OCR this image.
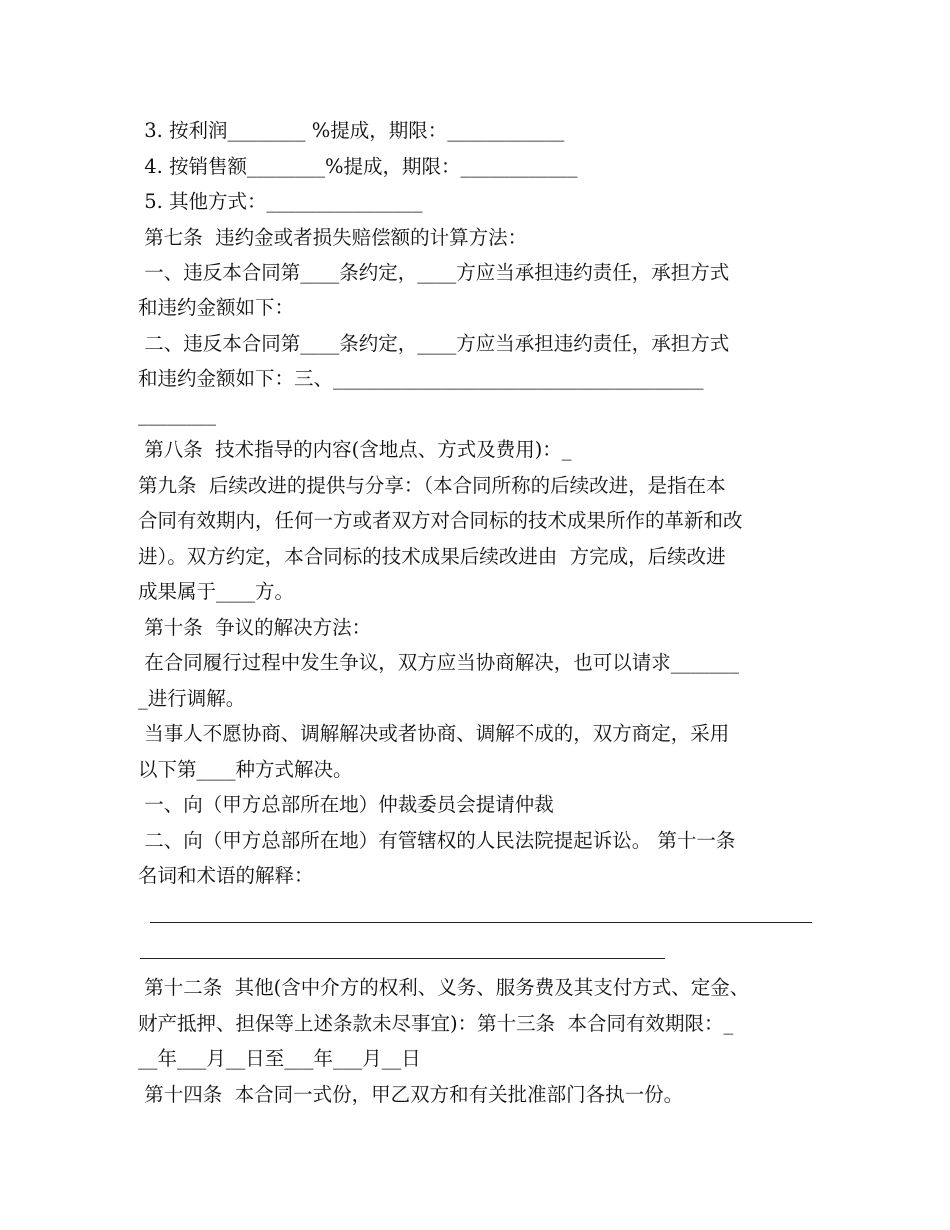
3. 按利润________ %提成，期限：____________
4. 按销售额________%提成，期限：____________
5. 其他方式：________________
第七条  违约金或者损失赔偿额的计算方法：
一、违反本合同第____条约定，____方应当承担违约责任，承担方式
和违约金额如下：
二、违反本合同第____条约定，____方应当承担违约责任，承担方式
和违约金额如下：三、______________________________________
________
第八条  技术指导的内容(含地点、方式及费用)：_
第九条  后续改进的提供与分享：（本合同所称的后续改进，是指在本
合同有效期内，任何一方或者双方对合同标的技术成果所作的革新和改
进）。双方约定，本合同标的技术成果后续改进由  方完成，后续改进
成果属于____方。
第十条  争议的解决方法：
在合同履行过程中发生争议，双方应当协商解决，也可以请求_______
_进行调解。
当事人不愿协商、调解解决或者协商、调解不成的，双方商定，采用
以下第____种方式解决。
一、向（甲方总部所在地）仲裁委员会提请仲裁
二、向（甲方总部所在地）有管辖权的人民法院提起诉讼。 第十一条
名词和术语的解释：
第十二条  其他(含中介方的权利、义务、服务费及其支付方式、定金、
财产抵押、担保等上述条款未尽事宜)：第十三条  本合同有效期限：_
__年___月__日至___年___月__日
第十四条  本合同一式份，甲乙双方和有关批准部门各执一份。
